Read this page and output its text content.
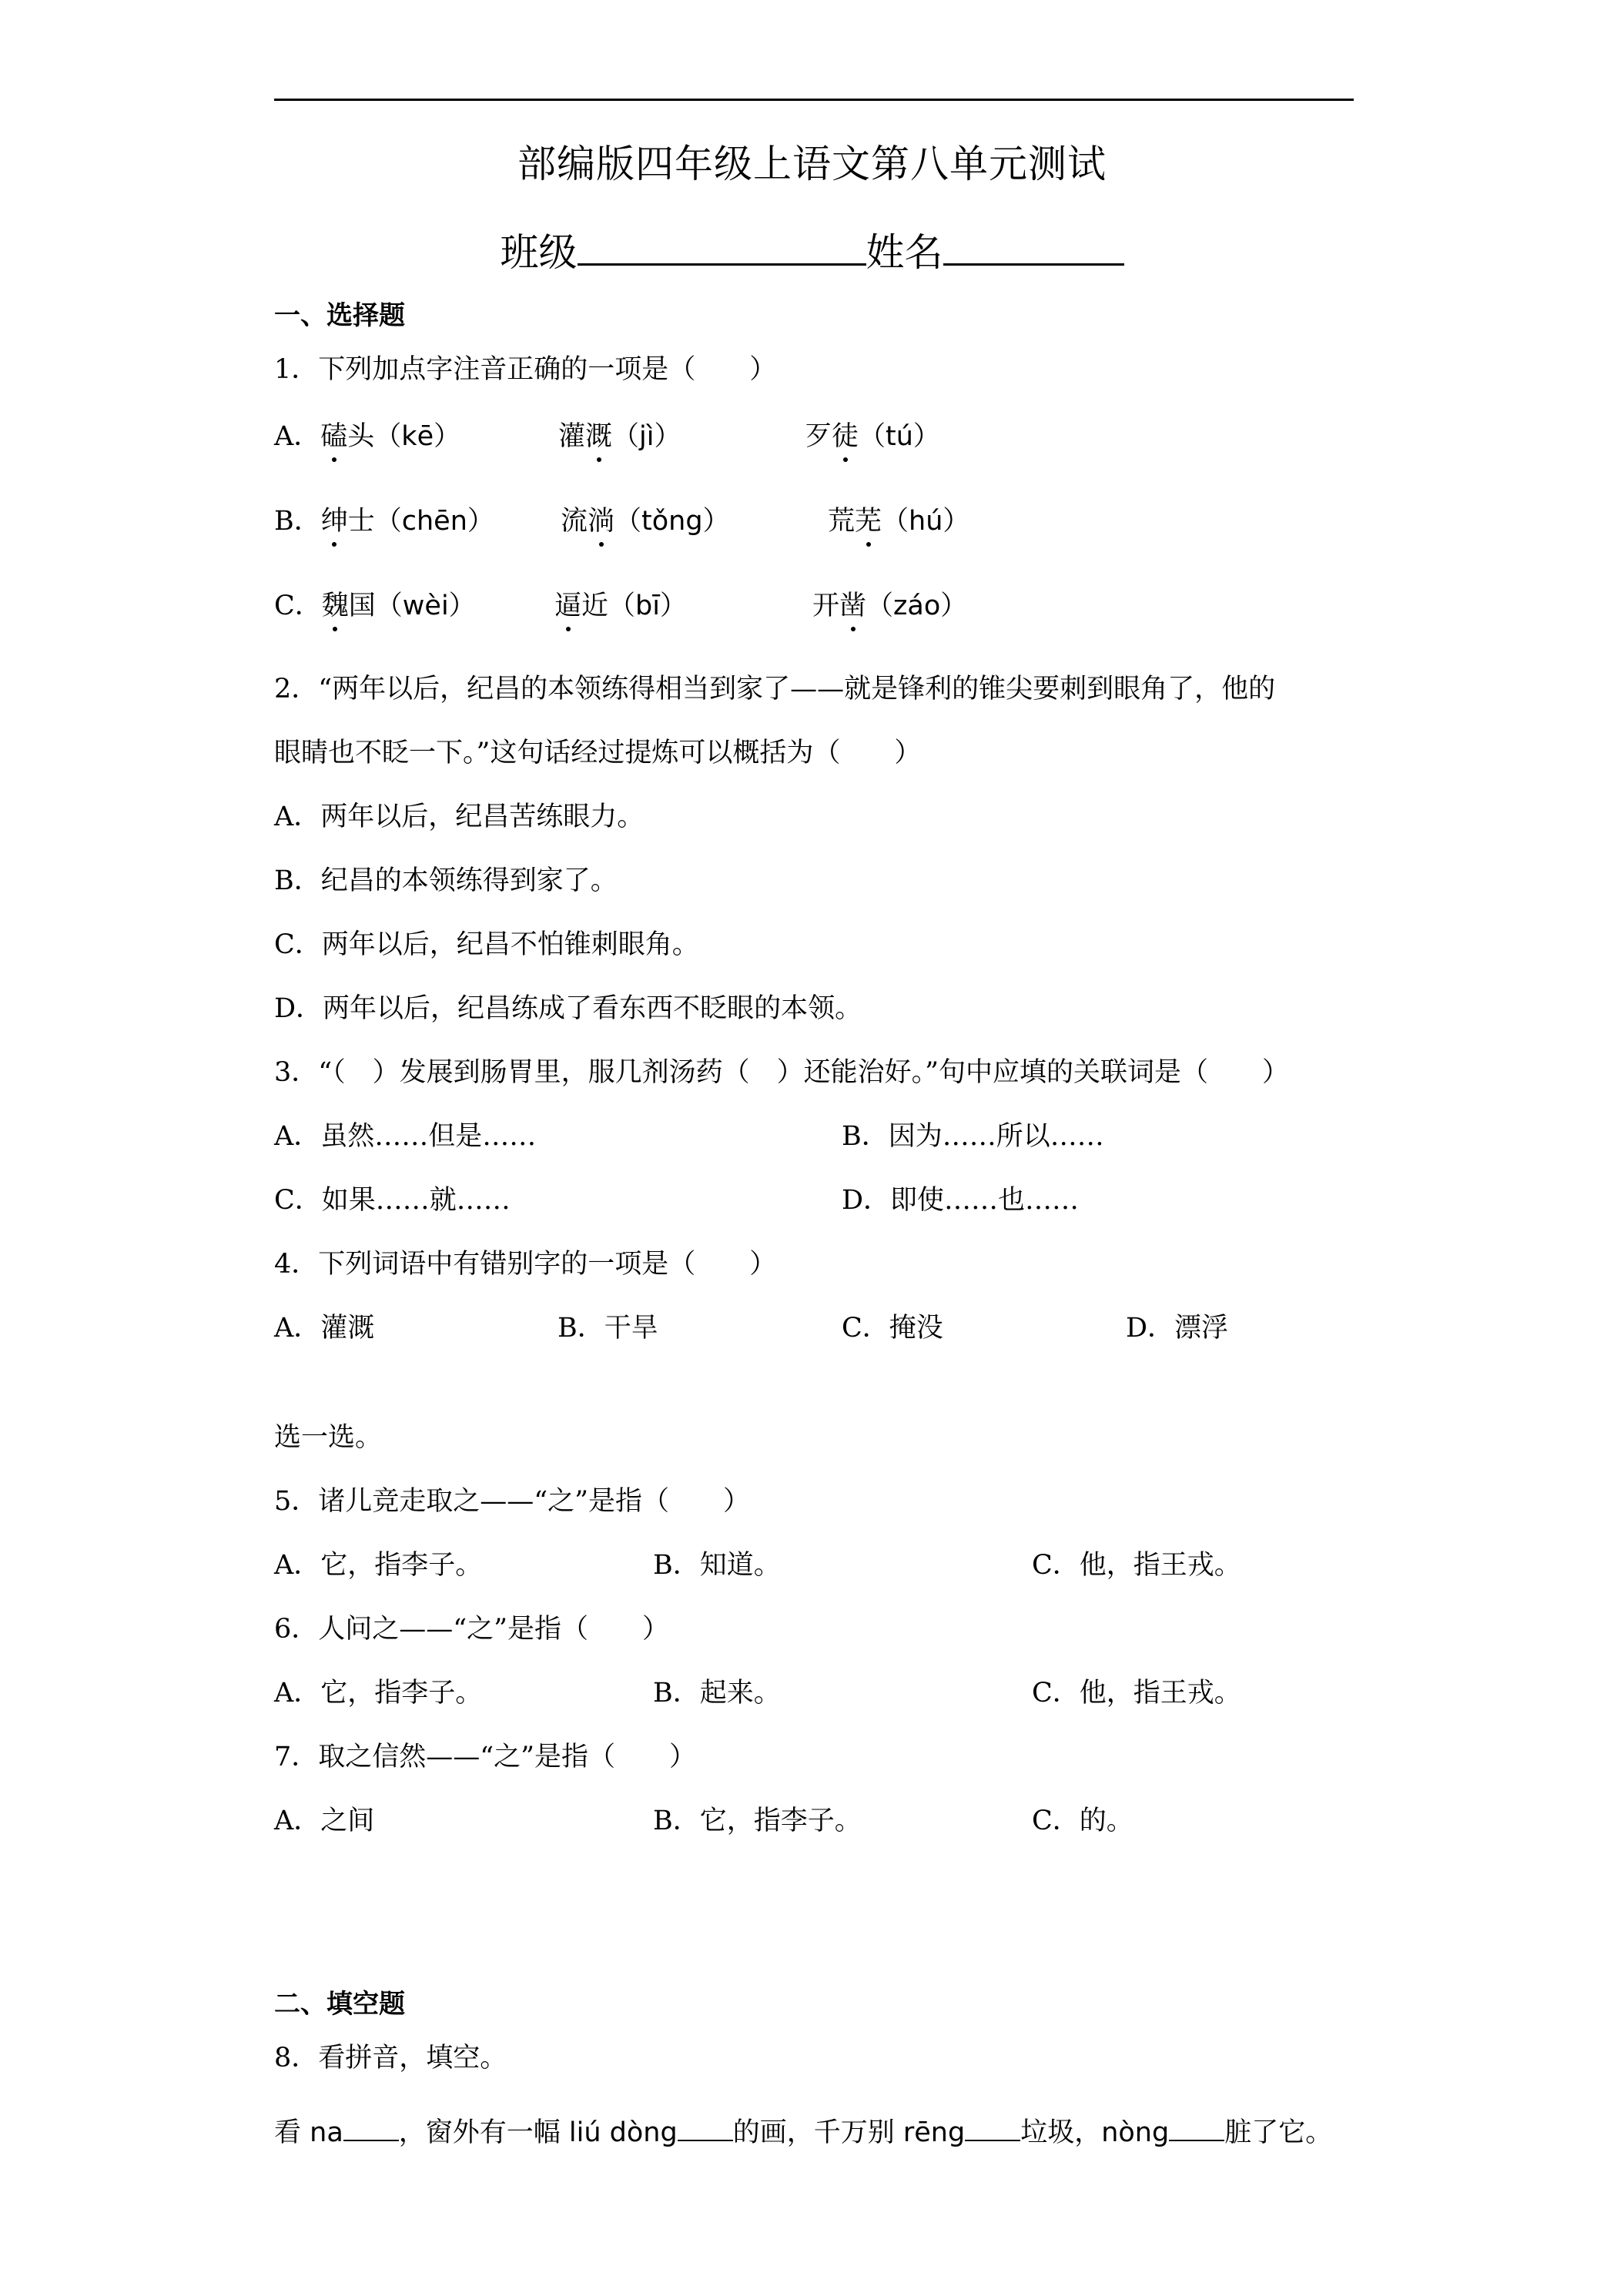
部编版四年级上语文第八单元测试
班级	姓名
一、选择题
1．下列加点字注音正确的一项是（　　）
A．磕头（kē）	灌溉（jì）	歹徒（tú）
B．绅士（chēn） 流淌（tǒng）	荒芜（hú）
C．魏国（wèi）	逼近（bī）	开凿（záo）
2．“两年以后，纪昌的本领练得相当到家了——就是锋利的锥尖要刺到眼角了，他的
眼睛也不眨一下。”这句话经过提炼可以概括为（　　）
A．两年以后，纪昌苦练眼力。
B．纪昌的本领练得到家了。
C．两年以后，纪昌不怕锥刺眼角。
D．两年以后，纪昌练成了看东西不眨眼的本领。
3．“（　）发展到肠胃里，服几剂汤药（　）还能治好。”句中应填的关联词是（　　）
A．虽然……但是……	B．因为……所以……
C．如果……就……	D．即使……也……
4．下列词语中有错别字的一项是（　　）
A．灌溉	B．干旱	C．掩没	D．漂浮
选一选。
5．诸儿竞走取之——“之”是指（　　）
A．它，指李子。	B．知道。	C．他，指王戎。
6．人问之——“之”是指（　　）
A．它，指李子。	B．起来。	C．他，指王戎。
7．取之信然——“之”是指（　　）
A．之间	B．它，指李子。	C．的。
二、填空题
8．看拼音，填空。
看 na ，窗外有一幅 liú dòng 的画，千万别 rēng 垃圾，nòng 脏了它。
